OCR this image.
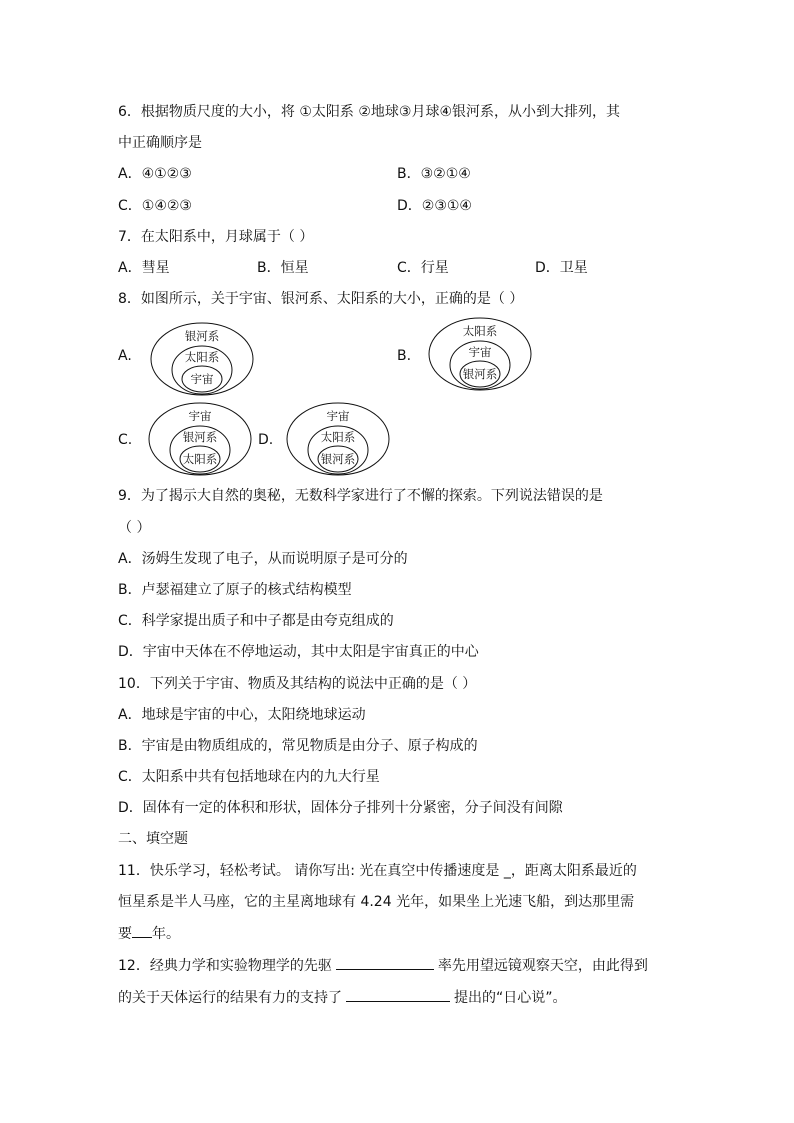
6．根据物质尺度的大小，将 ①太阳系 ②地球③月球④银河系，从小到大排列，其
中正确顺序是
A．④①②③	B．③②①④
C．①④②③	D．②③①④
7．在太阳系中，月球属于（ ）
A．彗星	B．恒星	C．行星	D．卫星
8．如图所示，关于宇宙、银河系、太阳系的大小，正确的是（ ）
A.
银河系
太阳系
宇宙
B.
太阳系
宇宙
银河系
C.
宇宙
银河系
太阳系
D.
宇宙
太阳系
银河系
9．为了揭示大自然的奥秘，无数科学家进行了不懈的探索。下列说法错误的是
（ ）
A．汤姆生发现了电子，从而说明原子是可分的
B．卢瑟福建立了原子的核式结构模型
C．科学家提出质子和中子都是由夸克组成的
D．宇宙中天体在不停地运动，其中太阳是宇宙真正的中心
10．下列关于宇宙、物质及其结构的说法中正确的是（ ）
A．地球是宇宙的中心，太阳绕地球运动
B．宇宙是由物质组成的，常见物质是由分子、原子构成的
C．太阳系中共有包括地球在内的九大行星
D．固体有一定的体积和形状，固体分子排列十分紧密，分子间没有间隙
二、填空题
11．快乐学习，轻松考试。 请你写出: 光在真空中传播速度是 _，距离太阳系最近的
恒星系是半人马座，它的主星离地球有 4.24 光年，如果坐上光速飞船，到达那里需
要 年。
12．经典力学和实验物理学的先驱	率先用望远镜观察天空，由此得到
的关于天体运行的结果有力的支持了	提出的“日心说”。
